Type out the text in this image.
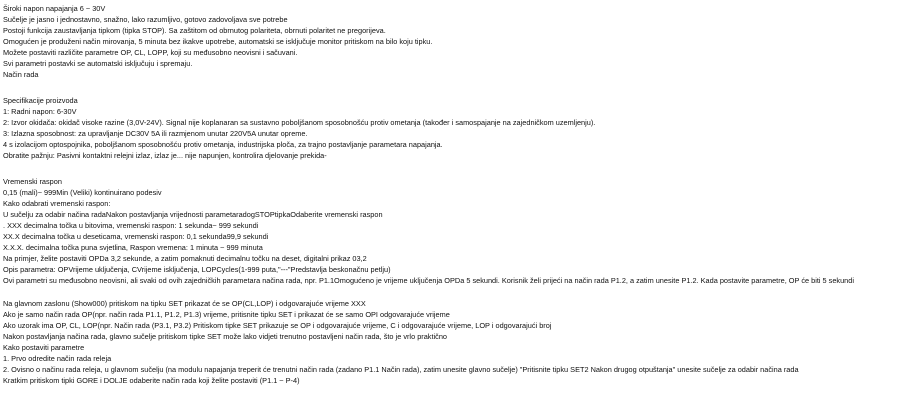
Široki napon napajanja 6 ~ 30V
Sučelje je jasno i jednostavno, snažno, lako razumljivo, gotovo zadovoljava sve potrebe
Postoji funkcija zaustavljanja tipkom (tipka STOP). Sa zaštitom od obrnutog polariteta, obrnuti polaritet ne pregorijeva.
Omogućen je produženi način mirovanja, 5 minuta bez ikakve upotrebe, automatski se isključuje monitor pritiskom na bilo koju tipku.
Možete postaviti različite parametre OP, CL, LOPP, koji su međusobno neovisni i sačuvani.
Svi parametri postavki se automatski isključuju i spremaju.
Način rada
Specifikacije proizvoda
1: Radni napon: 6-30V
2: Izvor okidača: okidač visoke razine (3,0V-24V). Signal nije koplanaran sa sustavno poboljšanom sposobnošću protiv ometanja (također i samospajanje na zajedničkom uzemljenju).
3: Izlazna sposobnost: za upravljanje DC30V 5A ili razmjenom unutar 220V5A unutar opreme.
4 s izolacijom optospojnika, poboljšanom sposobnošću protiv ometanja, industrijska ploča, za trajno postavljanje parametara napajanja.
Obratite pažnju: Pasivni kontaktni relejni izlaz, izlaz je... nije napunjen, kontrolira djelovanje prekida-
Vremenski raspon
0,15 (mali)~ 999Min (Veliki) kontinuirano podesiv
Kako odabrati vremenski raspon:
U sučelju za odabir načina radaNakon postavljanja vrijednosti parametaradogSTOPtipkaOdaberite vremenski raspon
. XXX decimalna točka u bitovima, vremenski raspon: 1 sekunda~ 999 sekundi
XX.X decimalna točka u deseticama, vremenski raspon: 0,1 sekunda99,9 sekundi
X.X.X. decimalna točka puna svjetlina, Raspon vremena: 1 minuta ~ 999 minuta
Na primjer, želite postaviti OPDa 3,2 sekunde, a zatim pomaknuti decimalnu točku na deset, digitalni prikaz 03,2
Opis parametra: OPVrijeme uključenja, CVrijeme isključenja, LOPCycles(1-999 puta,"---"Predstavlja beskonačnu petlju)
Ovi parametri su međusobno neovisni, ali svaki od ovih zajedničkih parametara načina rada, npr. P1.1Omogućeno je vrijeme uključenja OPDa 5 sekundi. Korisnik želi prijeći na način rada P1.2, a zatim unesite P1.2. Kada postavite parametre, OP će biti 5 sekundi
Na glavnom zaslonu (Show000) pritiskom na tipku SET prikazat će se OP(CL,LOP) i odgovarajuće vrijeme XXX
Ako je samo način rada OP(npr. način rada P1.1, P1.2, P1.3) vrijeme, pritisnite tipku SET i prikazat će se samo OPI odgovarajuće vrijeme
Ako uzorak ima OP, CL, LOP(npr. Način rada (P3.1, P3.2) Pritiskom tipke SET prikazuje se OP i odgovarajuće vrijeme, C i odgovarajuće vrijeme, LOP i odgovarajući broj
Nakon postavljanja načina rada, glavno sučelje pritiskom tipke SET može lako vidjeti trenutno postavljeni način rada, što je vrlo praktično
Kako postaviti parametre
1. Prvo odredite način rada releja
2. Ovisno o načinu rada releja, u glavnom sučelju (na modulu napajanja treperit će trenutni način rada (zadano P1.1 Način rada), zatim unesite glavno sučelje) "Pritisnite tipku SET2 Nakon drugog otpuštanja" unesite sučelje za odabir načina rada
Kratkim pritiskom tipki GORE i DOLJE odaberite način rada koji želite postaviti (P1.1 ~ P-4)
